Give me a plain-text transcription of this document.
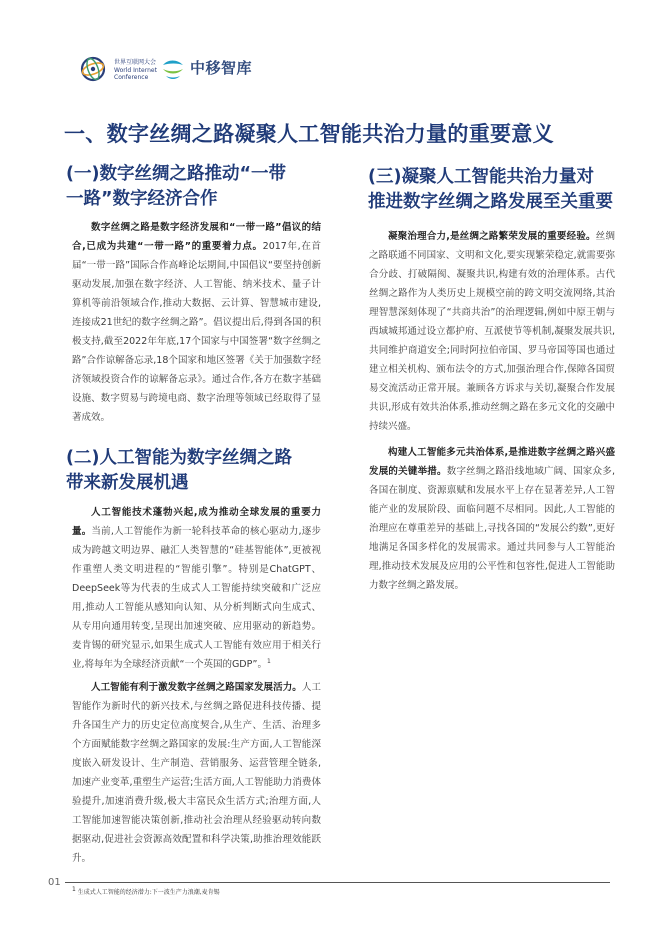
世界互联网大会
World Internet
Conference
中移智库
一、数字丝绸之路凝聚人工智能共治力量的重要意义
(一)数字丝绸之路推动“一带
一路”数字经济合作

数字丝绸之路是数字经济发展和“一带一路”倡议的结合,已成为共建“一带一路”的重要着力点。2017年,在首届“一带一路”国际合作高峰论坛期间,中国倡议“要坚持创新驱动发展,加强在数字经济、人工智能、纳米技术、量子计算机等前沿领域合作,推动大数据、云计算、智慧城市建设,连接成21世纪的数字丝绸之路”。倡议提出后,得到各国的积极支持,截至2022年年底,17个国家与中国签署“数字丝绸之路”合作谅解备忘录,18个国家和地区签署《关于加强数字经济领域投资合作的谅解备忘录》。通过合作,各方在数字基础设施、数字贸易与跨境电商、数字治理等领域已经取得了显著成效。

(二)人工智能为数字丝绸之路
带来新发展机遇

人工智能技术蓬勃兴起,成为推动全球发展的重要力量。当前,人工智能作为新一轮科技革命的核心驱动力,逐步成为跨越文明边界、融汇人类智慧的“硅基智能体”,更被视作重塑人类文明进程的“智能引擎”。特别是ChatGPT、DeepSeek等为代表的生成式人工智能持续突破和广泛应用,推动人工智能从感知向认知、从分析判断式向生成式、从专用向通用转变,呈现出加速突破、应用驱动的新趋势。麦肯锡的研究显示,如果生成式人工智能有效应用于相关行业,将每年为全球经济贡献“一个英国的GDP”。$^1$

人工智能有利于激发数字丝绸之路国家发展活力。人工智能作为新时代的新兴技术,与丝绸之路促进科技传播、提升各国生产力的历史定位高度契合,从生产、生活、治理多个方面赋能数字丝绸之路国家的发展:生产方面,人工智能深度嵌入研发设计、生产制造、营销服务、运营管理全链条,加速产业变革,重塑生产运营;生活方面,人工智能助力消费体验提升,加速消费升级,极大丰富民众生活方式;治理方面,人工智能加速智能决策创新,推动社会治理从经验驱动转向数据驱动,促进社会资源高效配置和科学决策,助推治理效能跃升。

(三)凝聚人工智能共治力量对
推进数字丝绸之路发展至关重要

凝聚治理合力,是丝绸之路繁荣发展的重要经验。丝绸之路联通不同国家、文明和文化,要实现繁荣稳定,就需要弥合分歧、打破隔阂、凝聚共识,构建有效的治理体系。古代丝绸之路作为人类历史上规模空前的跨文明交流网络,其治理智慧深刻体现了“共商共治”的治理逻辑,例如中原王朝与西域城邦通过设立都护府、互派使节等机制,凝聚发展共识,共同维护商道安全;同时阿拉伯帝国、罗马帝国等国也通过建立相关机构、颁布法令的方式,加强治理合作,保障各国贸易交流活动正常开展。兼顾各方诉求与关切,凝聚合作发展共识,形成有效共治体系,推动丝绸之路在多元文化的交融中持续兴盛。

构建人工智能多元共治体系,是推进数字丝绸之路兴盛发展的关键举措。数字丝绸之路沿线地域广阔、国家众多,各国在制度、资源禀赋和发展水平上存在显著差异,人工智能产业的发展阶段、面临问题不尽相同。因此,人工智能的治理应在尊重差异的基础上,寻找各国的“发展公约数”,更好地满足各国多样化的发展需求。通过共同参与人工智能治理,推动技术发展及应用的公平性和包容性,促进人工智能助力数字丝绸之路发展。

01
$^1$ 生成式人工智能的经济潜力:下一波生产力浪潮,麦肯锡
